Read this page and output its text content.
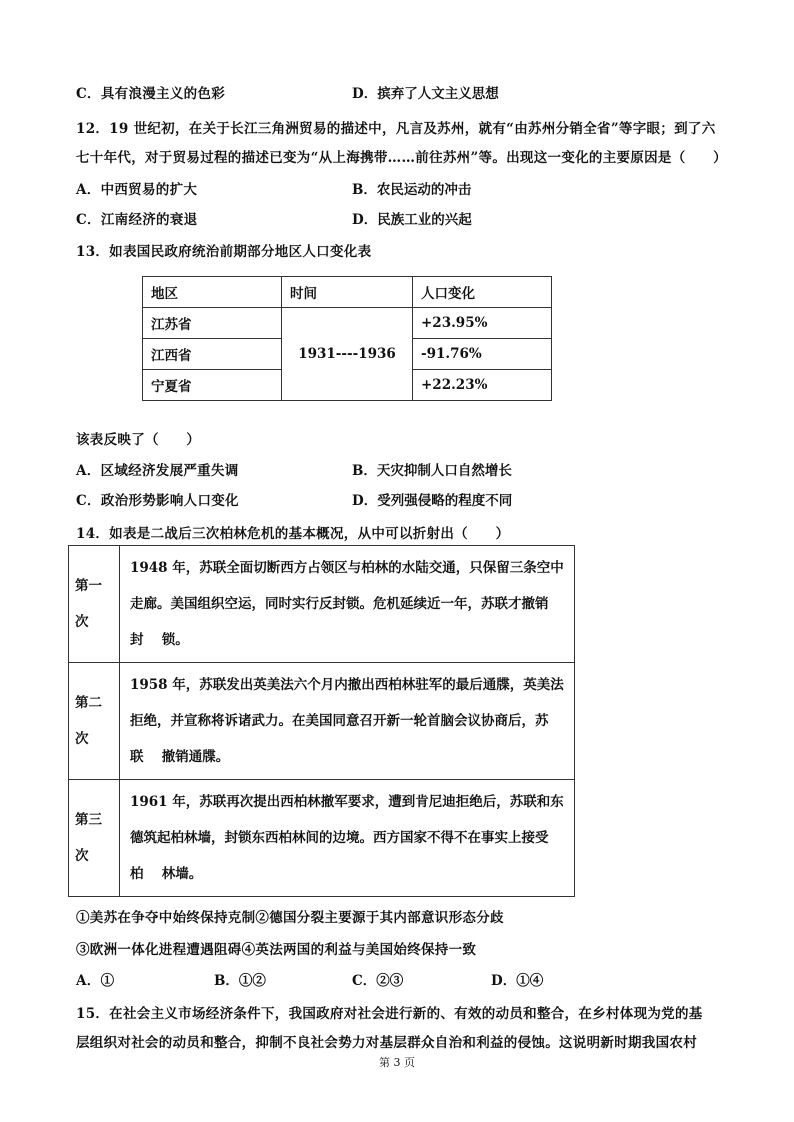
C．具有浪漫主义的色彩	D．摈弃了人文主义思想
12．19 世纪初，在关于长江三角洲贸易的描述中，凡言及苏州，就有“由苏州分销全省”等字眼；到了六
七十年代，对于贸易过程的描述已变为“从上海携带……前往苏州”等。出现这一变化的主要原因是（　　）
A．中西贸易的扩大	B．农民运动的冲击
C．江南经济的衰退	D．民族工业的兴起
13．如表国民政府统治前期部分地区人口变化表
地区	时间	人口变化
江苏省	1931----1936	+23.95%
江西省		-91.76%
宁夏省		+22.23%
该表反映了（　　）
A．区域经济发展严重失调	B．天灾抑制人口自然增长
C．政治形势影响人口变化	D．受列强侵略的程度不同
14．如表是二战后三次柏林危机的基本概况，从中可以折射出（　　）
第一
次	1948 年，苏联全面切断西方占领区与柏林的水陆交通，只保留三条空中
走廊。美国组织空运，同时实行反封锁。危机延续近一年，苏联才撤销
封　 锁。

第二
次	1958 年，苏联发出英美法六个月内撤出西柏林驻军的最后通牒，英美法
拒绝，并宣称将诉诸武力。在美国同意召开新一轮首脑会议协商后，苏
联　 撤销通牒。

第三
次	1961 年，苏联再次提出西柏林撤军要求，遭到肯尼迪拒绝后，苏联和东
德筑起柏林墙，封锁东西柏林间的边境。西方国家不得不在事实上接受
柏　 林墙。
①美苏在争夺中始终保持克制②德国分裂主要源于其内部意识形态分歧
③欧洲一体化进程遭遇阻碍④英法两国的利益与美国始终保持一致
A．①	B．①②	C．②③	D．①④
15．在社会主义市场经济条件下，我国政府对社会进行新的、有效的动员和整合，在乡村体现为党的基
层组织对社会的动员和整合，抑制不良社会势力对基层群众自治和利益的侵蚀。这说明新时期我国农村
第 3 页
